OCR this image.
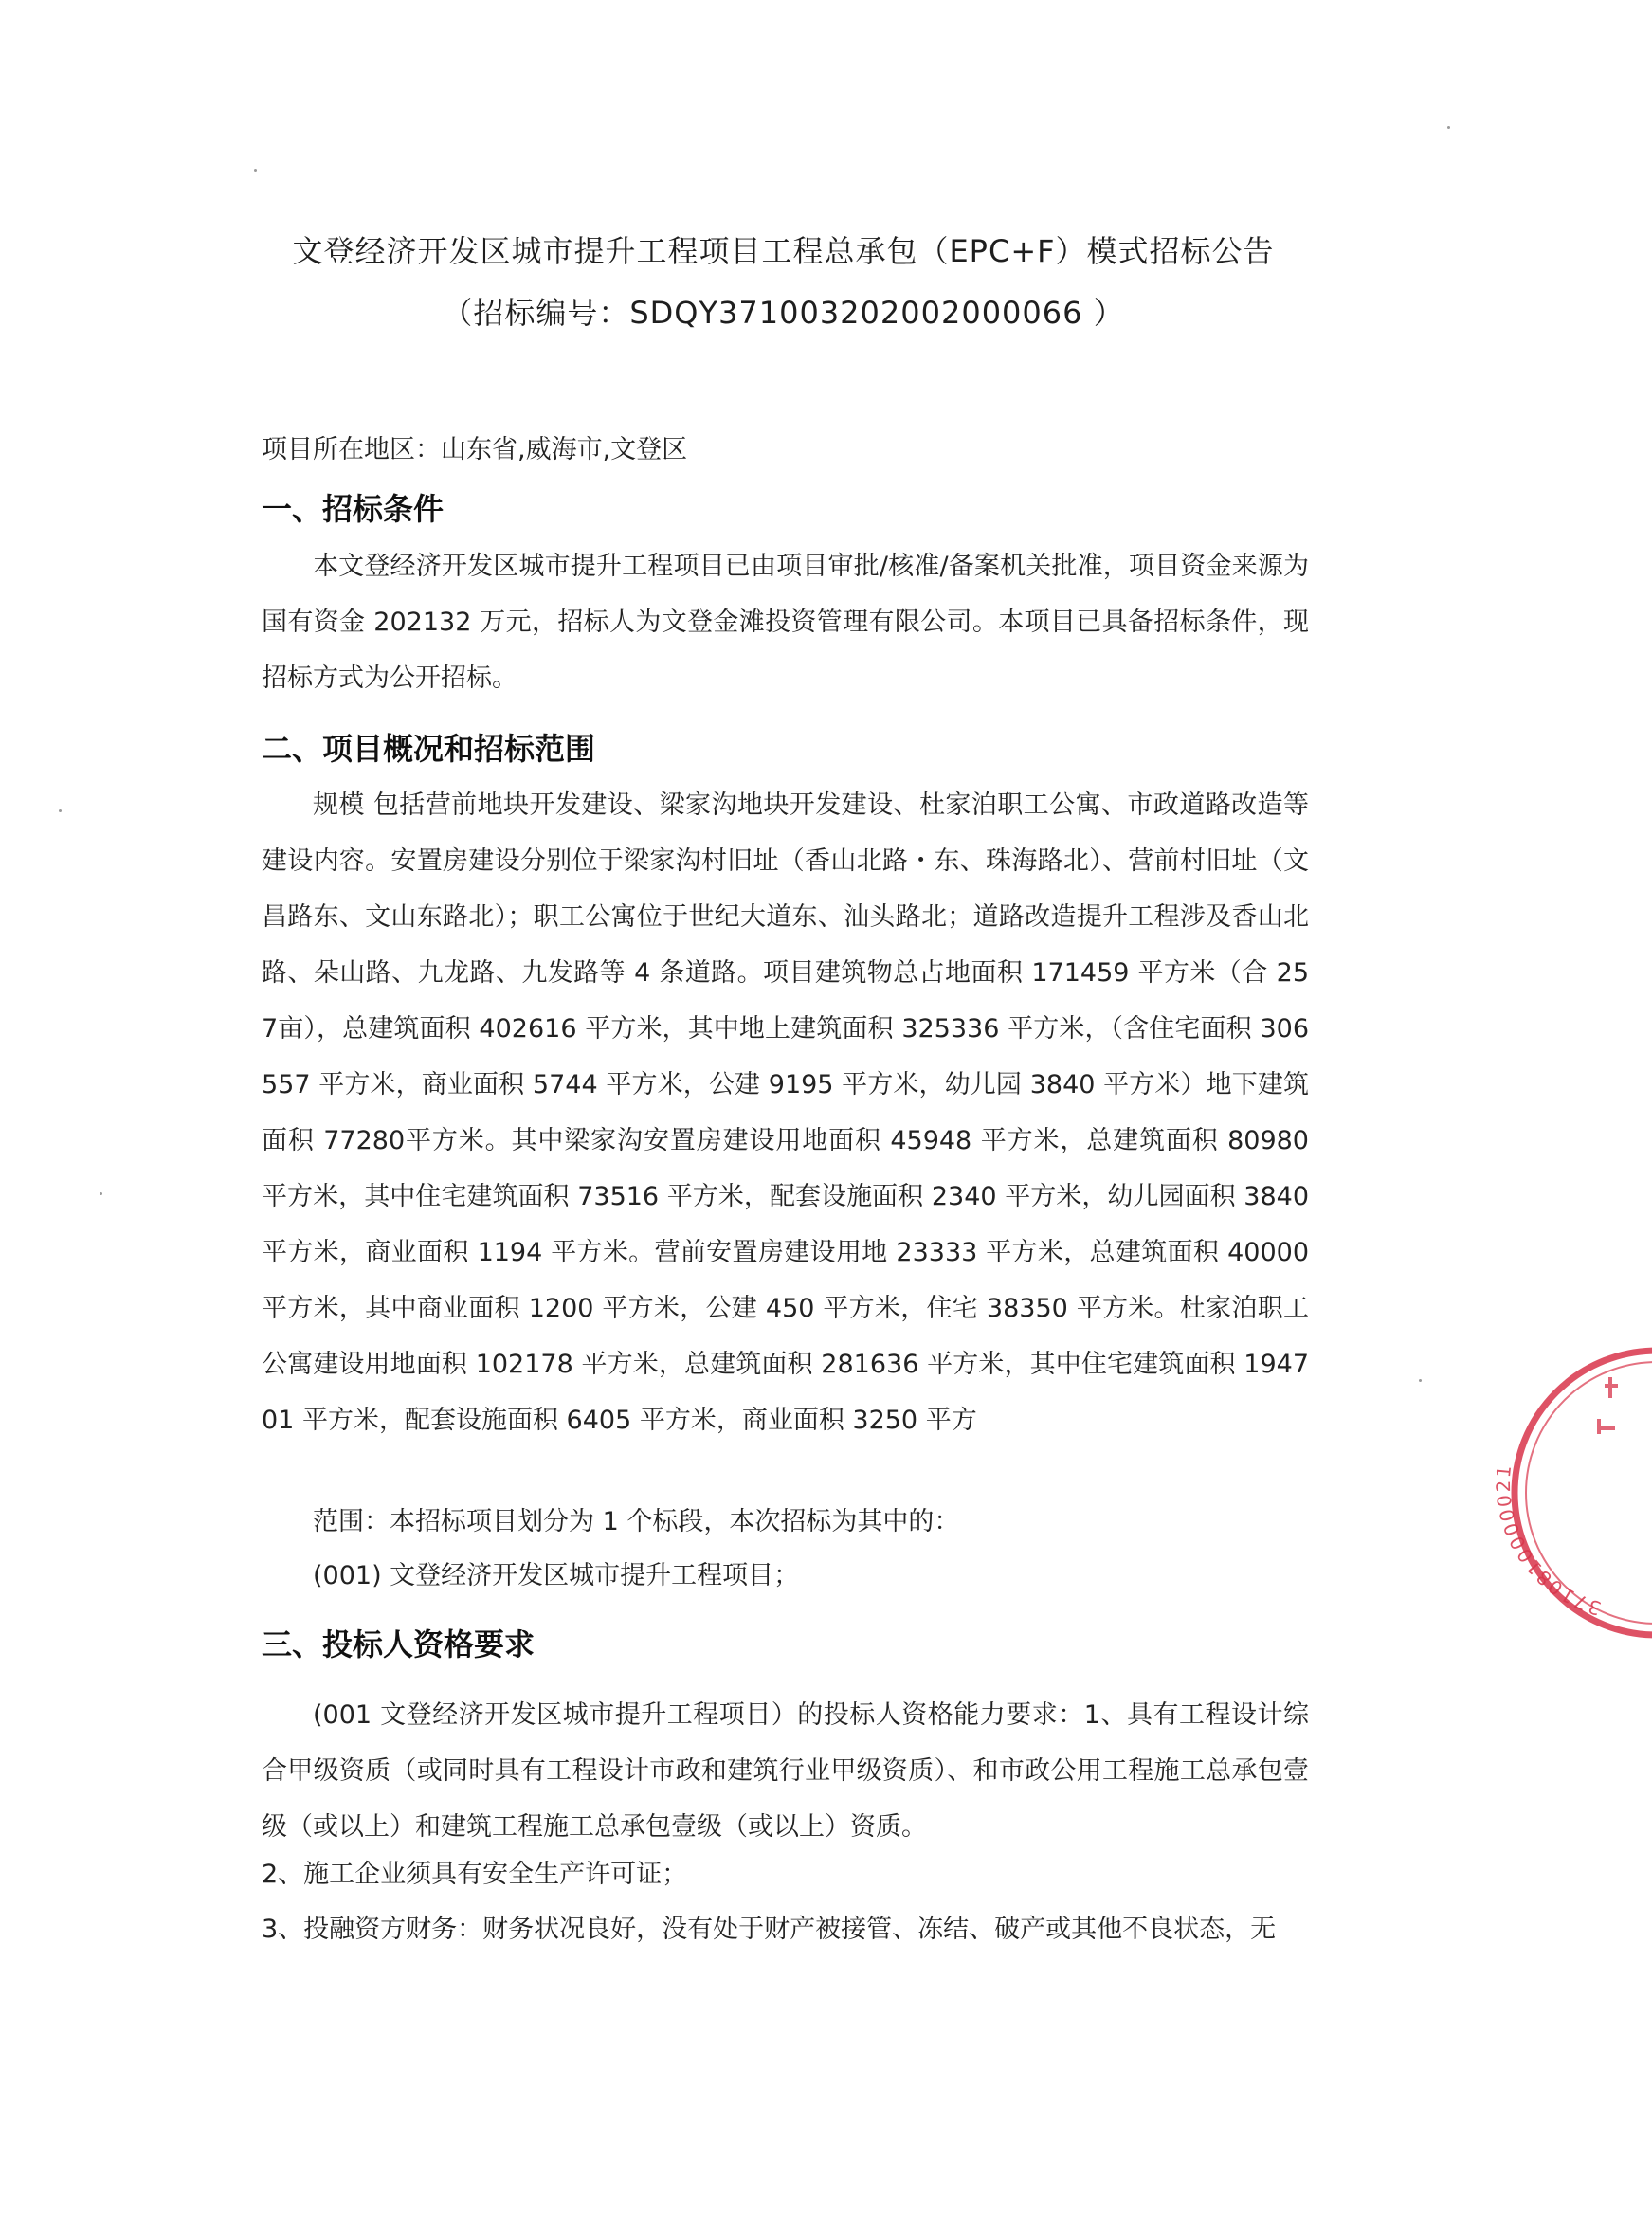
文登经济开发区城市提升工程项目工程总承包（EPC+F）模式招标公告
（招标编号：SDQY371003202002000066 ）
项目所在地区：山东省,威海市,文登区
一、招标条件
本文登经济开发区城市提升工程项目已由项目审批/核准/备案机关批准，项目资金来源为国有资金 202132 万元，招标人为文登金滩投资管理有限公司。本项目已具备招标条件，现招标方式为公开招标。
二、项目概况和招标范围
规模 包括营前地块开发建设、梁家沟地块开发建设、杜家泊职工公寓、市政道路改造等建设内容。安置房建设分别位于梁家沟村旧址（香山北路・东、珠海路北）、营前村旧址（文昌路东、文山东路北）；职工公寓位于世纪大道东、汕头路北；道路改造提升工程涉及香山北路、朵山路、九龙路、九发路等 4 条道路。项目建筑物总占地面积 171459 平方米（合 257亩），总建筑面积 402616 平方米，其中地上建筑面积 325336 平方米，（含住宅面积 306557 平方米，商业面积 5744 平方米，公建 9195 平方米，幼儿园 3840 平方米）地下建筑面积 77280平方米。其中梁家沟安置房建设用地面积 45948 平方米，总建筑面积 80980 平方米，其中住宅建筑面积 73516 平方米，配套设施面积 2340 平方米，幼儿园面积 3840 平方米，商业面积 1194 平方米。营前安置房建设用地 23333 平方米，总建筑面积 40000 平方米，其中商业面积 1200 平方米，公建 450 平方米，住宅 38350 平方米。杜家泊职工公寓建设用地面积 102178 平方米，总建筑面积 281636 平方米，其中住宅建筑面积 194701 平方米，配套设施面积 6405 平方米，商业面积 3250 平方
范围：本招标项目划分为 1 个标段，本次招标为其中的：
(001) 文登经济开发区城市提升工程项目；
三、投标人资格要求
(001 文登经济开发区城市提升工程项目）的投标人资格能力要求：1、具有工程设计综合甲级资质（或同时具有工程设计市政和建筑行业甲级资质）、和市政公用工程施工总承包壹级（或以上）和建筑工程施工总承包壹级（或以上）资质。
2、施工企业须具有安全生产许可证；
3、投融资方财务：财务状况良好，没有处于财产被接管、冻结、破产或其他不良状态，无
3710810000021
